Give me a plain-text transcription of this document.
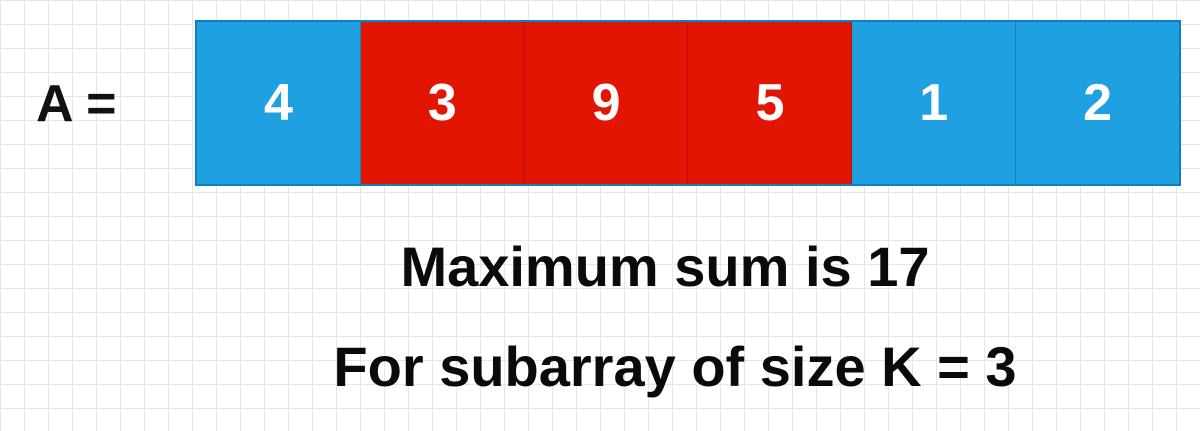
A =	4	3	9	5	1	2
Maximum sum is 17
For subarray of size K = 3
